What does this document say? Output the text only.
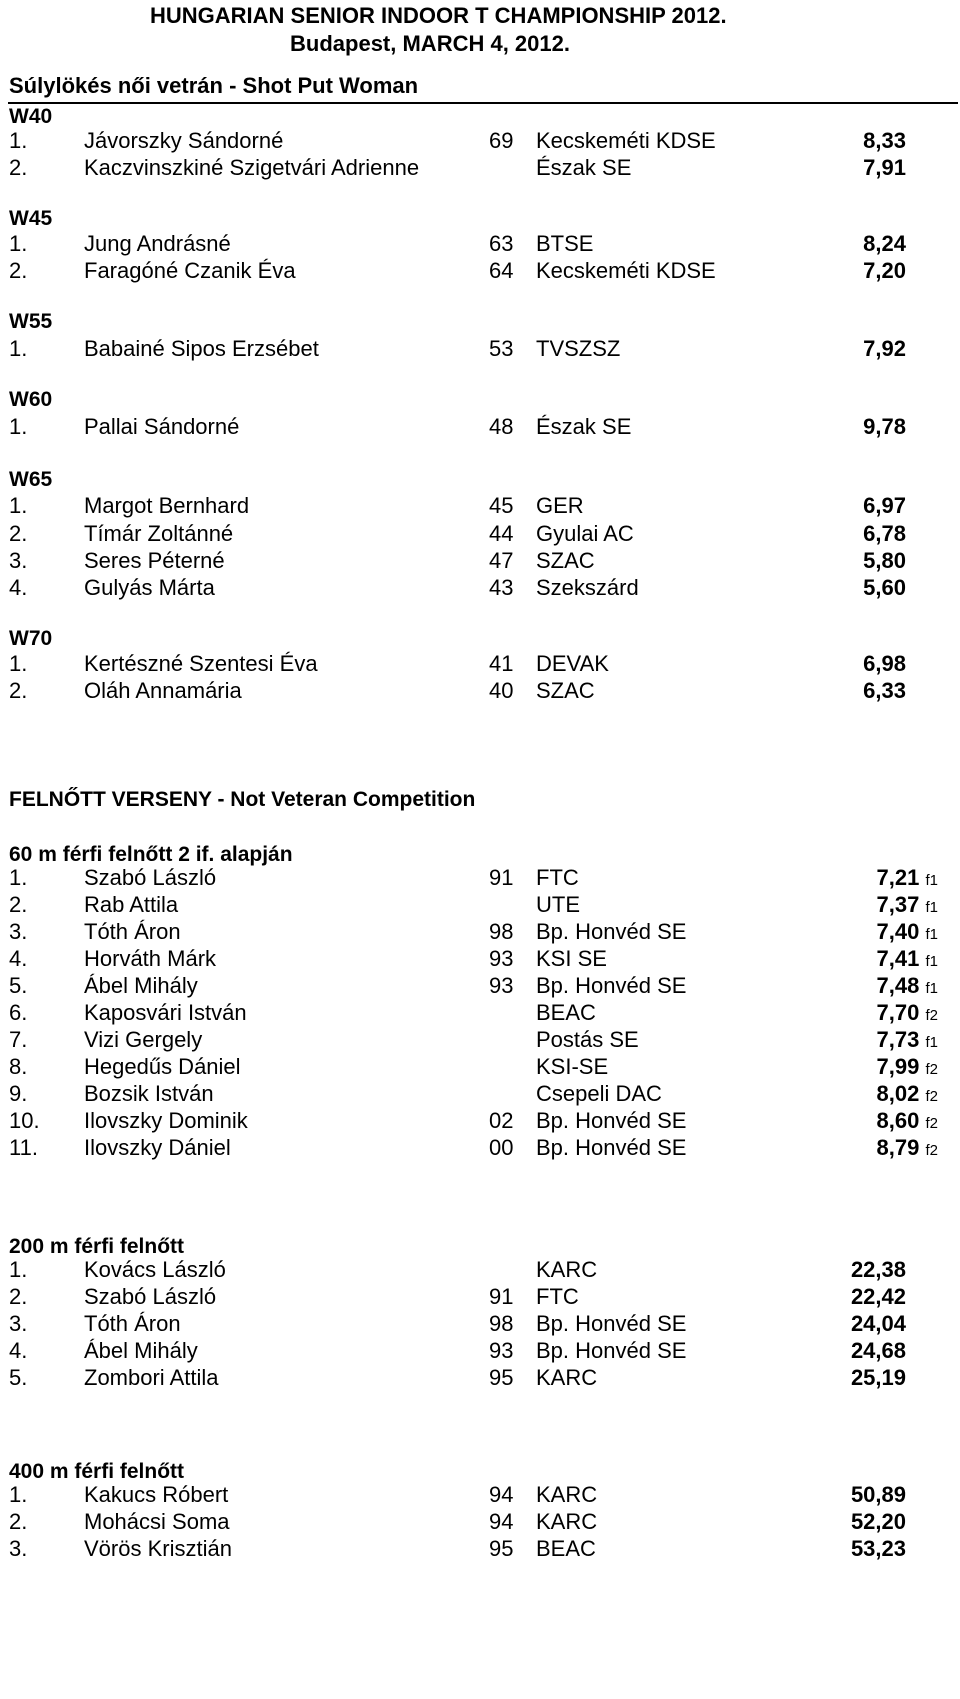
HUNGARIAN SENIOR INDOOR T CHAMPIONSHIP 2012.
Budapest, MARCH 4, 2012.
Súlylökés női vetrán - Shot Put Woman
W40
1.	Jávorszky Sándorné	69 Kecskeméti KDSE	8,33
2.	Kaczvinszkiné Szigetvári Adrienne	Észak SE	7,91
W45
1.	Jung Andrásné	63 BTSE	8,24
2.	Faragóné Czanik Éva	64 Kecskeméti KDSE	7,20
W55
1.	Babainé Sipos Erzsébet	53 TVSZSZ	7,92
W60
1.	Pallai Sándorné	48 Észak SE	9,78
W65
1.	Margot Bernhard	45 GER	6,97
2.	Tímár Zoltánné	44 Gyulai AC	6,78
3.	Seres Péterné	47 SZAC	5,80
4.	Gulyás Márta	43 Szekszárd	5,60
W70
1.	Kertészné Szentesi Éva	41 DEVAK	6,98
2.	Oláh Annamária	40 SZAC	6,33
FELNŐTT VERSENY - Not Veteran Competition
60 m férfi felnőtt 2 if. alapján
1.	Szabó László	91 FTC	7,21 f1
2.	Rab Attila	UTE	7,37 f1
3.	Tóth Áron	98 Bp. Honvéd SE	7,40 f1
4.	Horváth Márk	93 KSI SE	7,41 f1
5.	Ábel Mihály	93 Bp. Honvéd SE	7,48 f1
6.	Kaposvári István	BEAC	7,70 f2
7.	Vizi Gergely	Postás SE	7,73 f1
8.	Hegedűs Dániel	KSI-SE	7,99 f2
9.	Bozsik István	Csepeli DAC	8,02 f2
10. Ilovszky Dominik	02 Bp. Honvéd SE	8,60 f2
11. Ilovszky Dániel	00 Bp. Honvéd SE	8,79 f2
200 m férfi felnőtt
1.	Kovács László	KARC	22,38
2.	Szabó László	91 FTC	22,42
3.	Tóth Áron	98 Bp. Honvéd SE	24,04
4.	Ábel Mihály	93 Bp. Honvéd SE	24,68
5.	Zombori Attila	95 KARC	25,19
400 m férfi felnőtt
1.	Kakucs Róbert	94 KARC	50,89
2.	Mohácsi Soma	94 KARC	52,20
3.	Vörös Krisztián	95 BEAC	53,23
